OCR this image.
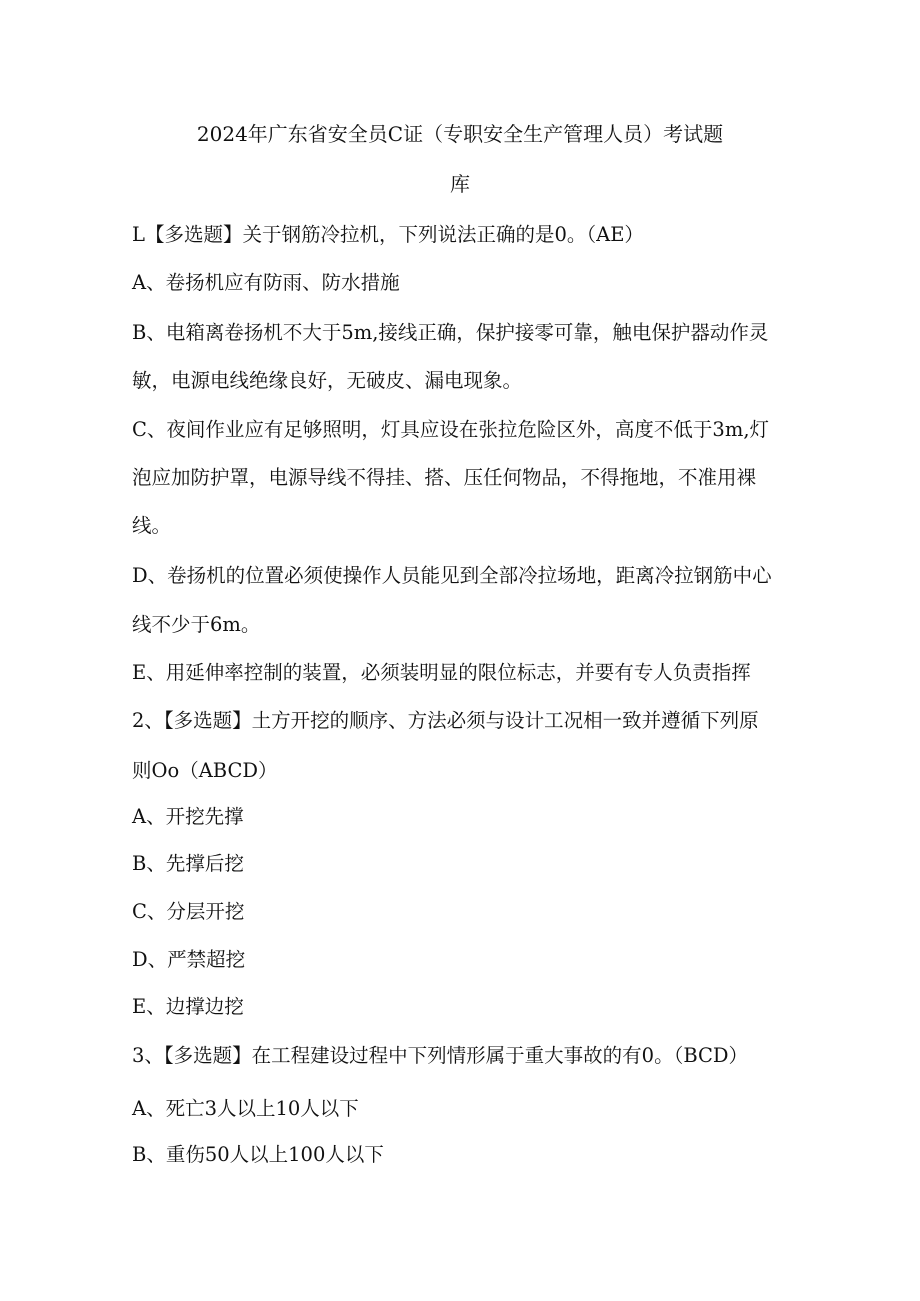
2024年广东省安全员C证（专职安全生产管理人员）考试题
库

L【多选题】关于钢筋冷拉机，下列说法正确的是0。（AE）

A、卷扬机应有防雨、防水措施

B、电箱离卷扬机不大于5m,接线正确，保护接零可靠，触电保护器动作灵

敏，电源电线绝缘良好，无破皮、漏电现象。

C、夜间作业应有足够照明，灯具应设在张拉危险区外，高度不低于3m,灯

泡应加防护罩，电源导线不得挂、搭、压任何物品，不得拖地，不准用裸

线。

D、卷扬机的位置必须使操作人员能见到全部冷拉场地，距离冷拉钢筋中心

线不少于6m。

E、用延伸率控制的装置，必须装明显的限位标志，并要有专人负责指挥

2、【多选题】土方开挖的顺序、方法必须与设计工况相一致并遵循下列原

则Oo（ABCD）

A、开挖先撑

B、先撑后挖

C、分层开挖

D、严禁超挖

E、边撑边挖

3、【多选题】在工程建设过程中下列情形属于重大事故的有0。（BCD）

A、死亡3人以上10人以下

B、重伤50人以上100人以下
